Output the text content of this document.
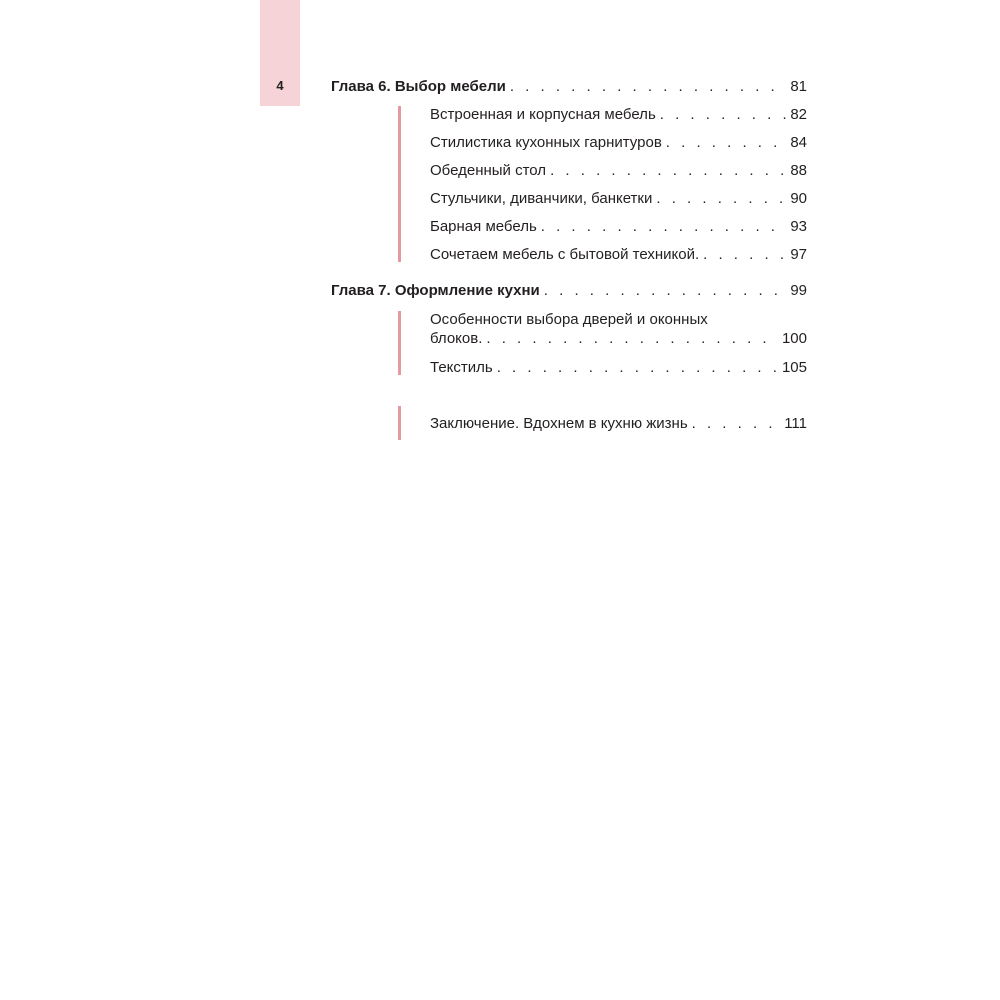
4	Глава 6. Выбор мебели . . .	81
Встроенная и корпусная мебель . . .	82
Стилистика кухонных гарнитуров . . .	84
Обеденный стол . . .	88
Стульчики, диванчики, банкетки . . .	90
Барная мебель . . .	93
Сочетаем мебель с бытовой техникой. . . .	97
Глава 7. Оформление кухни . . .	99
Особенности выбора дверей и оконных
блоков. . . .	100
Текстиль . . .	105
Заключение. Вдохнем в кухню жизнь . . .	111
